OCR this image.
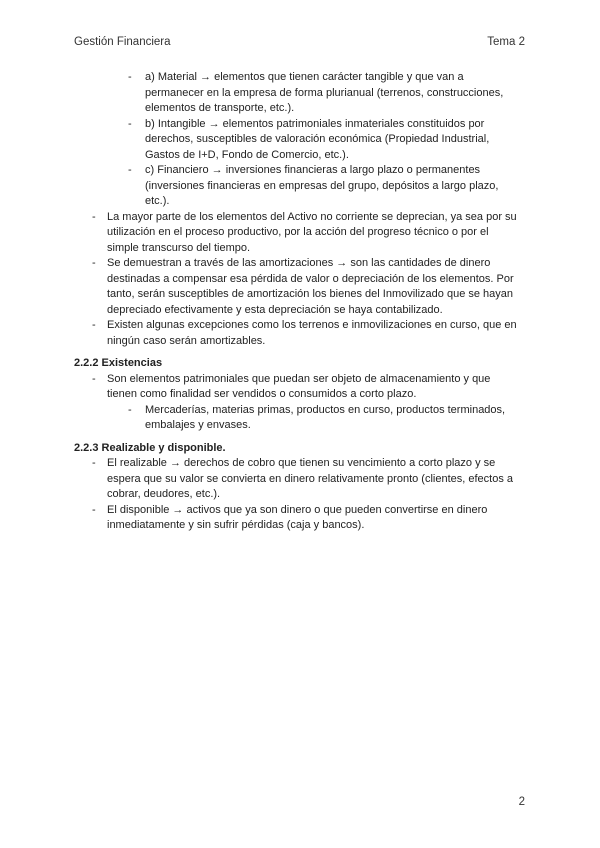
Gestión Financiera	Tema 2
- a) Material → elementos que tienen carácter tangible y que van a
permanecer en la empresa de forma plurianual (terrenos, construcciones,
elementos de transporte, etc.).
- b) Intangible → elementos patrimoniales inmateriales constituidos por
derechos, susceptibles de valoración económica (Propiedad Industrial,
Gastos de I+D, Fondo de Comercio, etc.).
- c) Financiero → inversiones financieras a largo plazo o permanentes
(inversiones financieras en empresas del grupo, depósitos a largo plazo,
etc.).
- La mayor parte de los elementos del Activo no corriente se deprecian, ya sea por su
utilización en el proceso productivo, por la acción del progreso técnico o por el
simple transcurso del tiempo.
- Se demuestran a través de las amortizaciones → son las cantidades de dinero
destinadas a compensar esa pérdida de valor o depreciación de los elementos. Por
tanto, serán susceptibles de amortización los bienes del Inmovilizado que se hayan
depreciado efectivamente y esta depreciación se haya contabilizado.
- Existen algunas excepciones como los terrenos e inmovilizaciones en curso, que en
ningún caso serán amortizables.
2.2.2 Existencias
- Son elementos patrimoniales que puedan ser objeto de almacenamiento y que
tienen como finalidad ser vendidos o consumidos a corto plazo.
- Mercaderías, materias primas, productos en curso, productos terminados,
embalajes y envases.
2.2.3 Realizable y disponible.
- El realizable → derechos de cobro que tienen su vencimiento a corto plazo y se
espera que su valor se convierta en dinero relativamente pronto (clientes, efectos a
cobrar, deudores, etc.).
- El disponible → activos que ya son dinero o que pueden convertirse en dinero
inmediatamente y sin sufrir pérdidas (caja y bancos).
2
